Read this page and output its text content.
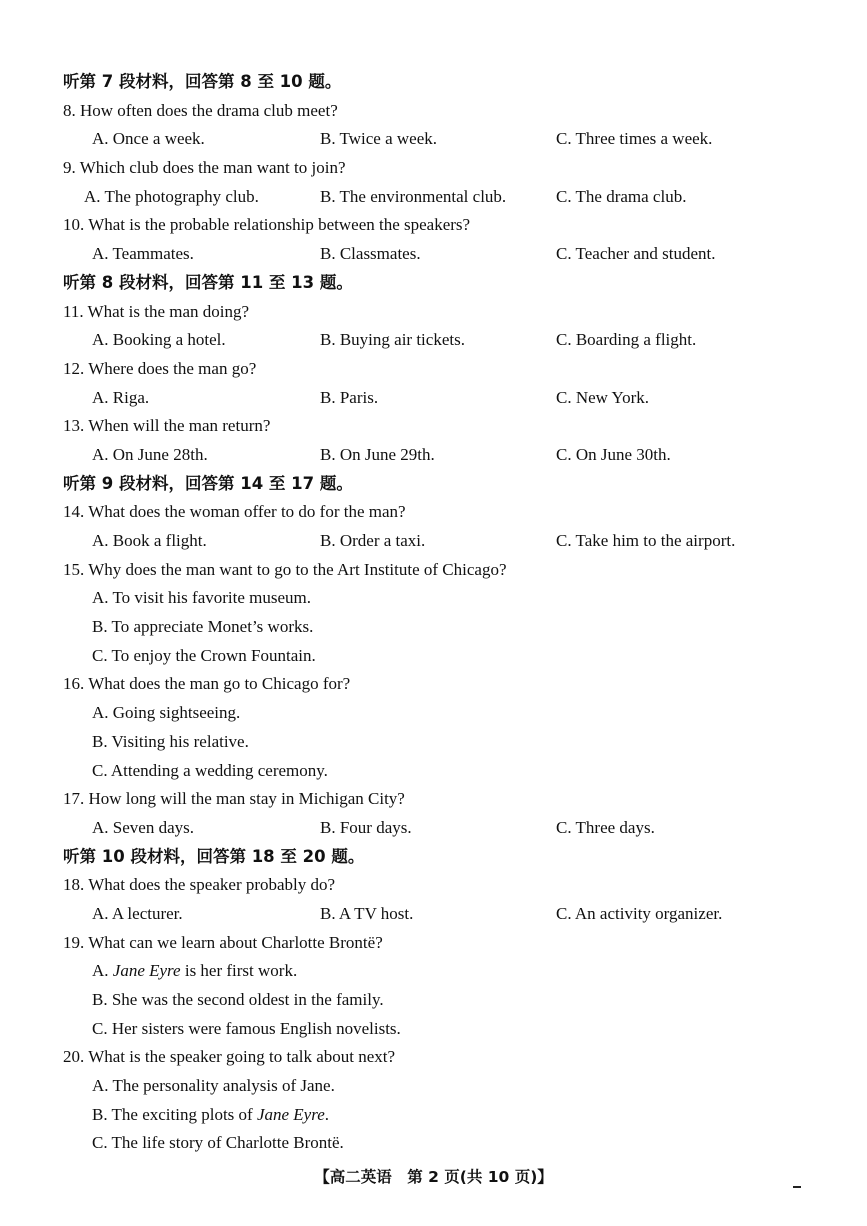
听第 7 段材料，回答第 8 至 10 题。
8. How often does the drama club meet?
A. Once a week.	B. Twice a week.	C. Three times a week.
9. Which club does the man want to join?
A. The photography club.	B. The environmental club.	C. The drama club.
10. What is the probable relationship between the speakers?
A. Teammates.	B. Classmates.	C. Teacher and student.
听第 8 段材料，回答第 11 至 13 题。
11. What is the man doing?
A. Booking a hotel.	B. Buying air tickets.	C. Boarding a flight.
12. Where does the man go?
A. Riga.	B. Paris.	C. New York.
13. When will the man return?
A. On June 28th.	B. On June 29th.	C. On June 30th.
听第 9 段材料，回答第 14 至 17 题。
14. What does the woman offer to do for the man?
A. Book a flight.	B. Order a taxi.	C. Take him to the airport.
15. Why does the man want to go to the Art Institute of Chicago?
A. To visit his favorite museum.
B. To appreciate Monet’s works.
C. To enjoy the Crown Fountain.
16. What does the man go to Chicago for?
A. Going sightseeing.
B. Visiting his relative.
C. Attending a wedding ceremony.
17. How long will the man stay in Michigan City?
A. Seven days.	B. Four days.	C. Three days.
听第 10 段材料，回答第 18 至 20 题。
18. What does the speaker probably do?
A. A lecturer.	B. A TV host.	C. An activity organizer.
19. What can we learn about Charlotte Brontë?
A. Jane Eyre is her first work.
B. She was the second oldest in the family.
C. Her sisters were famous English novelists.
20. What is the speaker going to talk about next?
A. The personality analysis of Jane.
B. The exciting plots of Jane Eyre.
C. The life story of Charlotte Brontë.
【高二英语　第 2 页(共 10 页)】
